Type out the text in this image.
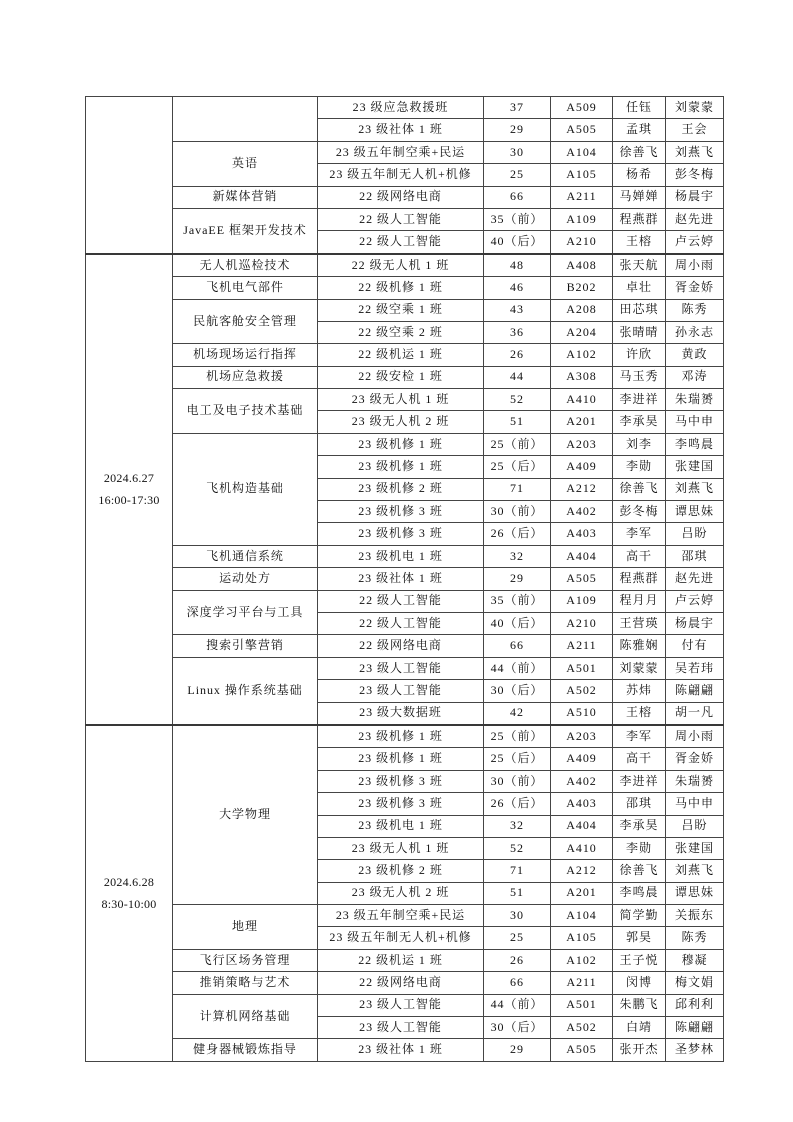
		23 级应急救援班	37	A509	任钰	刘蒙蒙
		23 级社体 1 班	29	A505	孟琪	王会
	英语	23 级五年制空乘+民运	30	A104	徐善飞	刘燕飞
		23 级五年制无人机+机修	25	A105	杨希	彭冬梅
	新媒体营销	22 级网络电商	66	A211	马婵婵	杨晨宇
	JavaEE 框架开发技术	22 级人工智能	35（前）	A109	程燕群	赵先进
		22 级人工智能	40（后）	A210	王榕	卢云婷

2024.6.27
16:00-17:30	无人机巡检技术	22 级无人机 1 班	48	A408	张天航	周小雨
	飞机电气部件	22 级机修 1 班	46	B202	卓壮	胥金娇
	民航客舱安全管理	22 级空乘 1 班	43	A208	田芯琪	陈秀
		22 级空乘 2 班	36	A204	张晴晴	孙永志
	机场现场运行指挥	22 级机运 1 班	26	A102	许欣	黄政
	机场应急救援	22 级安检 1 班	44	A308	马玉秀	邓涛
	电工及电子技术基础	23 级无人机 1 班	52	A410	李进祥	朱瑞赟
		23 级无人机 2 班	51	A201	李承昊	马中申
	飞机构造基础	23 级机修 1 班	25（前）	A203	刘李	李鸣晨
		23 级机修 1 班	25（后）	A409	李勋	张建国
		23 级机修 2 班	71	A212	徐善飞	刘燕飞
		23 级机修 3 班	30（前）	A402	彭冬梅	谭思妹
		23 级机修 3 班	26（后）	A403	李军	吕盼
	飞机通信系统	23 级机电 1 班	32	A404	高干	邵琪
	运动处方	23 级社体 1 班	29	A505	程燕群	赵先进
	深度学习平台与工具	22 级人工智能	35（前）	A109	程月月	卢云婷
		22 级人工智能	40（后）	A210	王营瑛	杨晨宇
	搜索引擎营销	22 级网络电商	66	A211	陈雅娴	付有
	Linux 操作系统基础	23 级人工智能	44（前）	A501	刘蒙蒙	吴若玮
		23 级人工智能	30（后）	A502	苏炜	陈翩翩
		23 级大数据班	42	A510	王榕	胡一凡

2024.6.28
8:30-10:00	大学物理	23 级机修 1 班	25（前）	A203	李军	周小雨
		23 级机修 1 班	25（后）	A409	高干	胥金娇
		23 级机修 3 班	30（前）	A402	李进祥	朱瑞赟
		23 级机修 3 班	26（后）	A403	邵琪	马中申
		23 级机电 1 班	32	A404	李承昊	吕盼
		23 级无人机 1 班	52	A410	李勋	张建国
		23 级机修 2 班	71	A212	徐善飞	刘燕飞
		23 级无人机 2 班	51	A201	李鸣晨	谭思妹
	地理	23 级五年制空乘+民运	30	A104	简学勤	关振东
		23 级五年制无人机+机修	25	A105	郭昊	陈秀
	飞行区场务管理	22 级机运 1 班	26	A102	王子悦	穆凝
	推销策略与艺术	22 级网络电商	66	A211	闵博	梅文娟
	计算机网络基础	23 级人工智能	44（前）	A501	朱鹏飞	邱利利
		23 级人工智能	30（后）	A502	白靖	陈翩翩
	健身器械锻炼指导	23 级社体 1 班	29	A505	张开杰	圣梦林
